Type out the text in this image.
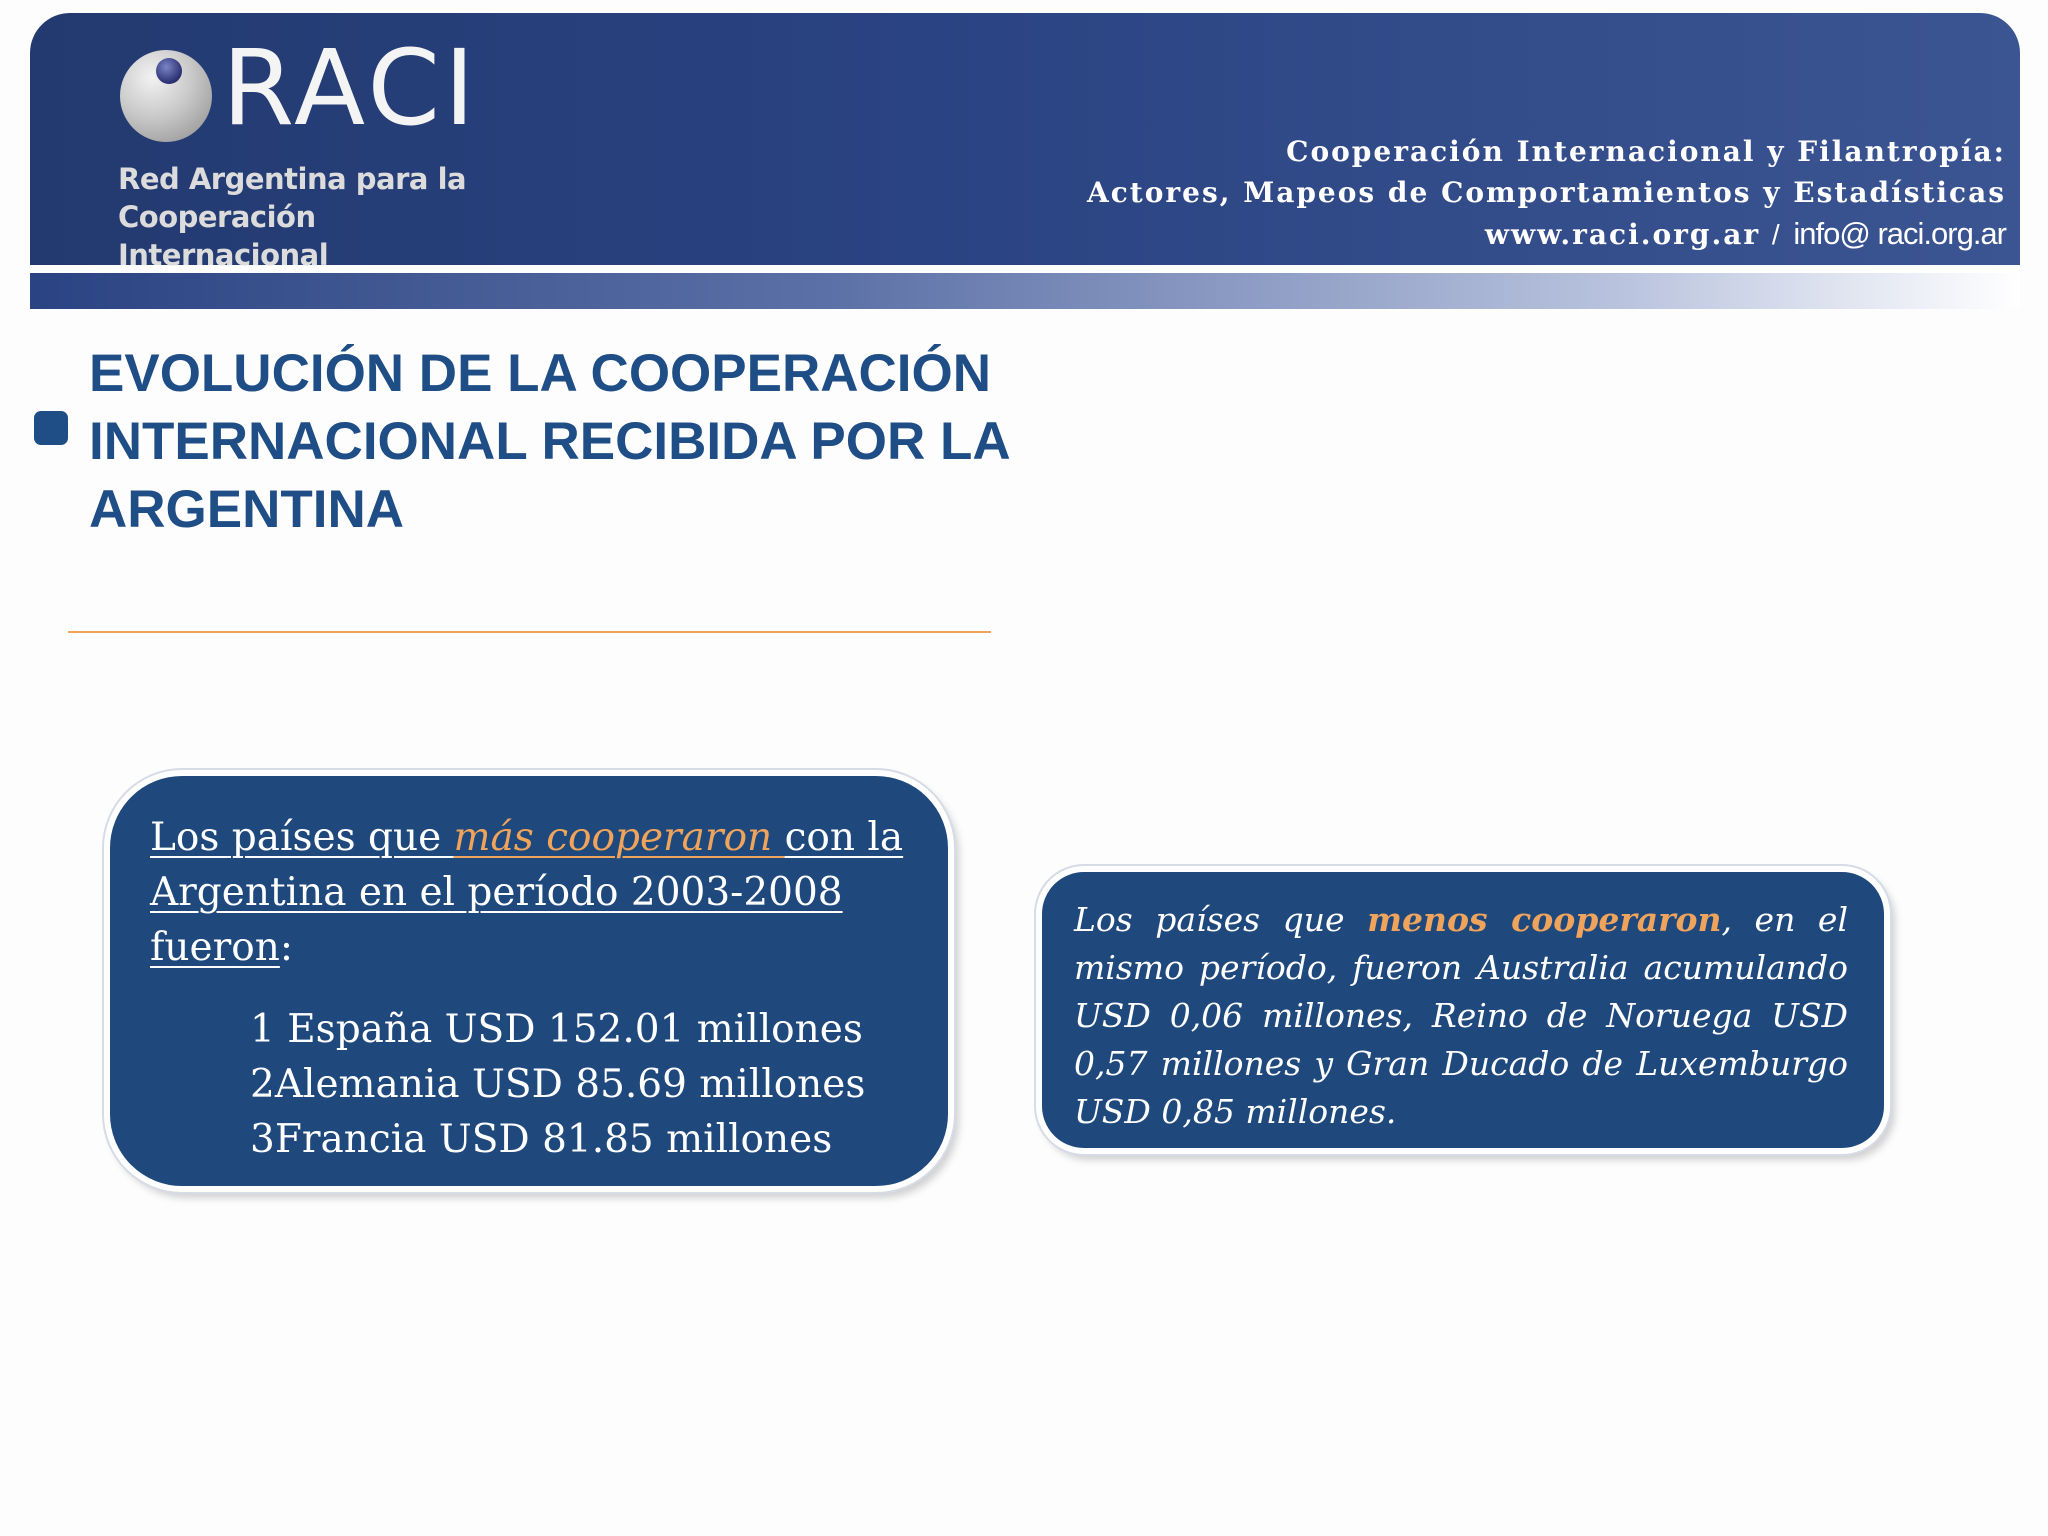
RACI
Red Argentina para la
Cooperación Internacional
Cooperación Internacional y Filantropía:
Actores, Mapeos de Comportamientos y Estadísticas
www.raci.org.ar / info@ raci.org.ar
EVOLUCIÓN DE LA COOPERACIÓN INTERNACIONAL RECIBIDA POR LA ARGENTINA
Los países que más cooperaron con la Argentina en el período 2003-2008 fueron:
1 España USD 152.01 millones
2Alemania USD 85.69 millones
3Francia USD 81.85 millones
Los países que menos cooperaron, en el mismo período, fueron Australia acumulando USD 0,06 millones, Reino de Noruega USD 0,57 millones y Gran Ducado de Luxemburgo USD 0,85 millones.
